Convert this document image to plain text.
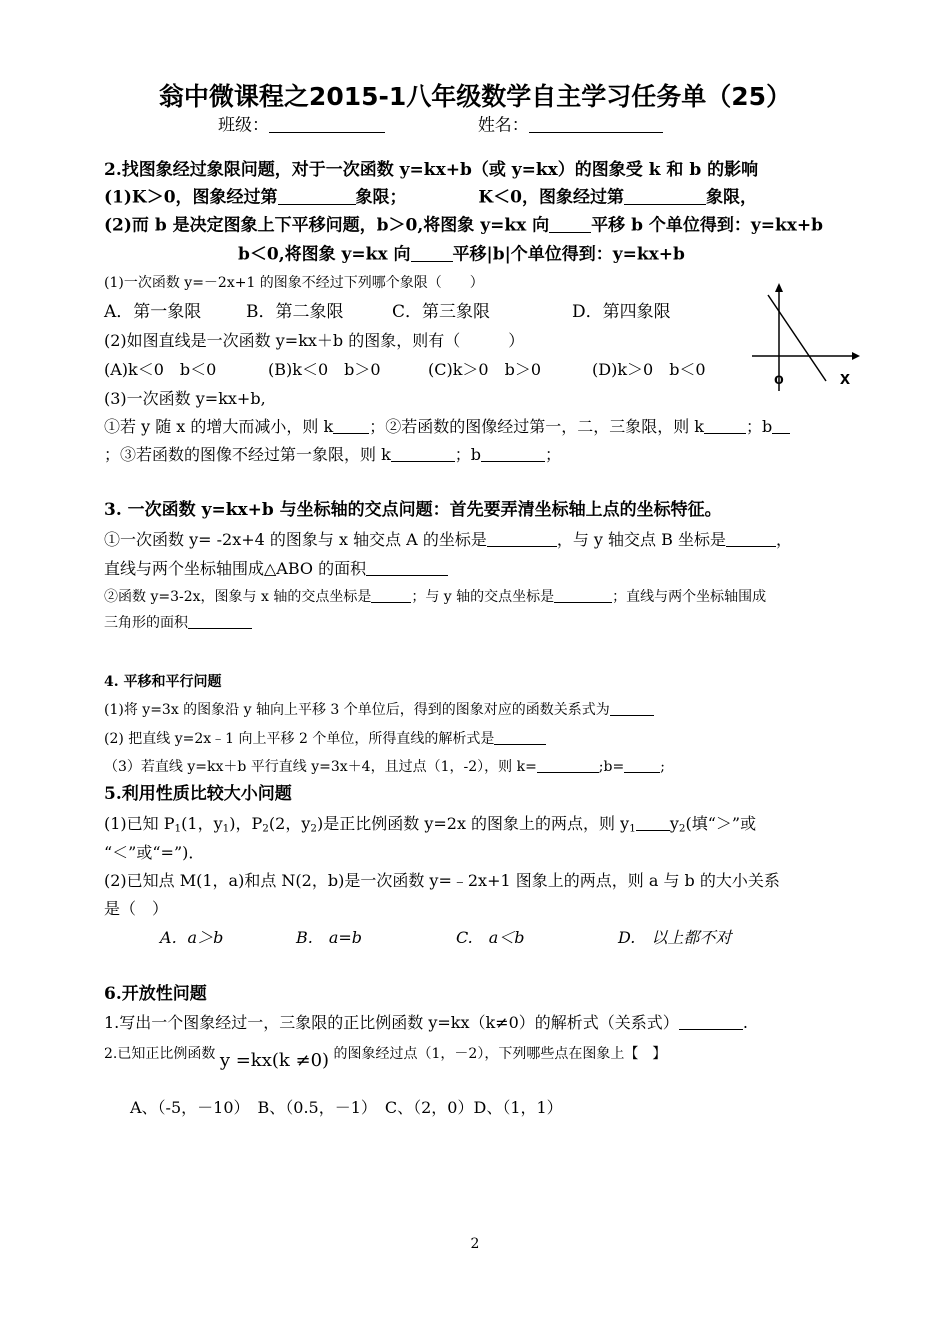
翁中微课程之2015-1八年级数学自主学习任务单（25）
班级：	姓名：
2.找图象经过象限问题，对于一次函数 y=kx+b（或 y=kx）的图象受 k 和 b 的影响
(1)K＞0，图象经过第	象限；	K＜0，图象经过第	象限，
(2)而 b 是决定图象上下平移问题，b＞0,将图象 y=kx 向 平移 b 个单位得到：y=kx+b
b＜0,将图象 y=kx 向 平移|b|个单位得到：y=kx+b
(1)一次函数 y=－2x+1 的图象不经过下列哪个象限（　　）
A．第一象限	B．第二象限	C．第三象限	D．第四象限
(2)如图直线是一次函数 y=kx＋b 的图象，则有（　　　）
(A)k＜0　b＜0	(B)k＜0　b＞0	(C)k＞0　b＞0	(D)k＞0　b＜0
(3)一次函数 y=kx+b,
①若 y 随 x 的增大而减小，则 k ；②若函数的图像经过第一，二，三象限，则 k	；b
；③若函数的图像不经过第一象限，则 k	；b	；
o	x
3. 一次函数 y=kx+b 与坐标轴的交点问题：首先要弄清坐标轴上点的坐标特征。
①一次函数 y= -2x+4 的图象与 x 轴交点 A 的坐标是	，与 y 轴交点 B 坐标是	，
直线与两个坐标轴围成△ABO 的面积
②函数 y=3-2x，图象与 x 轴的交点坐标是	；与 y 轴的交点坐标是	；直线与两个坐标轴围成
三角形的面积
4. 平移和平行问题
(1)将 y=3x 的图象沿 y 轴向上平移 3 个单位后，得到的图象对应的函数关系式为
(2) 把直线 y=2x﹣1 向上平移 2 个单位，所得直线的解析式是
（3）若直线 y=kx＋b 平行直线 y=3x＋4，且过点（1，-2），则 k=	;b=	;
5.利用性质比较大小问题
(1)已知 $P_1(1$，$y_1$)，$P_2(2$，$y_2$)是正比例函数 y=2x 的图象上的两点，则 $y_1$ $y_2$(填“＞”或
“＜”或“=”)．
(2)已知点 M(1，a)和点 N(2，b)是一次函数 y=﹣2x+1 图象上的两点，则 a 与 b 的大小关系
是（　）
A．a＞b	B.　a=b	C.　a＜b	D.　以上都不对
6.开放性问题
1.写出一个图象经过一，三象限的正比例函数 y=kx（k≠0）的解析式（关系式）	.
2.已知正比例函数 y =kx(k ≠0) 的图象经过点（1，－2），下列哪些点在图象上【　】
A、（-5，－10）　B、（0.5，－1）　C、（2，0）D、（1，1）
2
